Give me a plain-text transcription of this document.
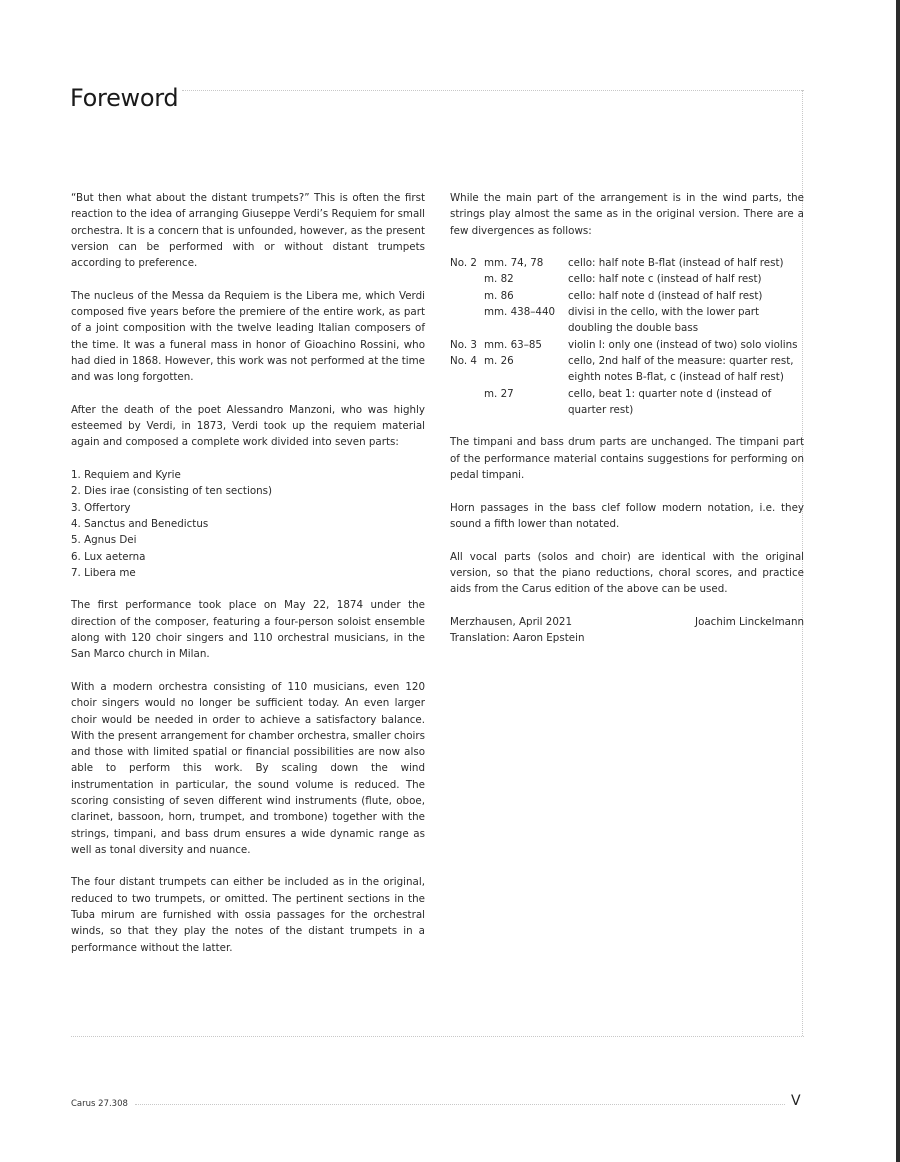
Foreword

“But then what about the distant trumpets?” This is often the first reaction to the idea of arranging Giuseppe Verdi’s Requiem for small orchestra. It is a concern that is unfounded, however, as the present version can be performed with or without distant trumpets according to preference.

The nucleus of the Messa da Requiem is the Libera me, which Verdi composed five years before the premiere of the entire work, as part of a joint composition with the twelve leading Italian composers of the time. It was a funeral mass in honor of Gioachino Rossini, who had died in 1868. However, this work was not performed at the time and was long forgotten.

After the death of the poet Alessandro Manzoni, who was highly esteemed by Verdi, in 1873, Verdi took up the requiem material again and composed a complete work divided into seven parts:

1. Requiem and Kyrie
2. Dies irae (consisting of ten sections)
3. Offertory
4. Sanctus and Benedictus
5. Agnus Dei
6. Lux aeterna
7. Libera me

The first performance took place on May 22, 1874 under the direction of the composer, featuring a four-person soloist ensemble along with 120 choir singers and 110 orchestral musicians, in the San Marco church in Milan.

With a modern orchestra consisting of 110 musicians, even 120 choir singers would no longer be sufficient today. An even larger choir would be needed in order to achieve a satisfactory balance. With the present arrangement for chamber orchestra, smaller choirs and those with limited spatial or financial possibilities are now also able to perform this work. By scaling down the wind instrumentation in particular, the sound volume is reduced. The scoring consisting of seven different wind instruments (flute, oboe, clarinet, bassoon, horn, trumpet, and trombone) together with the strings, timpani, and bass drum ensures a wide dynamic range as well as tonal diversity and nuance.

The four distant trumpets can either be included as in the original, reduced to two trumpets, or omitted. The pertinent sections in the Tuba mirum are furnished with ossia passages for the orchestral winds, so that they play the notes of the distant trumpets in a performance without the latter.

While the main part of the arrangement is in the wind parts, the strings play almost the same as in the original version. There are a few divergences as follows:

No. 2 mm. 74, 78	cello: half note B-flat (instead of half rest)
m. 82	cello: half note c (instead of half rest)
m. 86	cello: half note d (instead of half rest)
mm. 438–440	divisi in the cello, with the lower part doubling the double bass
No. 3 mm. 63–85	violin I: only one (instead of two) solo violins
No. 4 m. 26	cello, 2nd half of the measure: quarter rest, eighth notes B-flat, c (instead of half rest)
m. 27	cello, beat 1: quarter note d (instead of quarter rest)

The timpani and bass drum parts are unchanged. The timpani part of the performance material contains suggestions for performing on pedal timpani.

Horn passages in the bass clef follow modern notation, i.e. they sound a fifth lower than notated.

All vocal parts (solos and choir) are identical with the original version, so that the piano reductions, choral scores, and practice aids from the Carus edition of the above can be used.

Merzhausen, April 2021	Joachim Linckelmann
Translation: Aaron Epstein
Carus 27.308	V
